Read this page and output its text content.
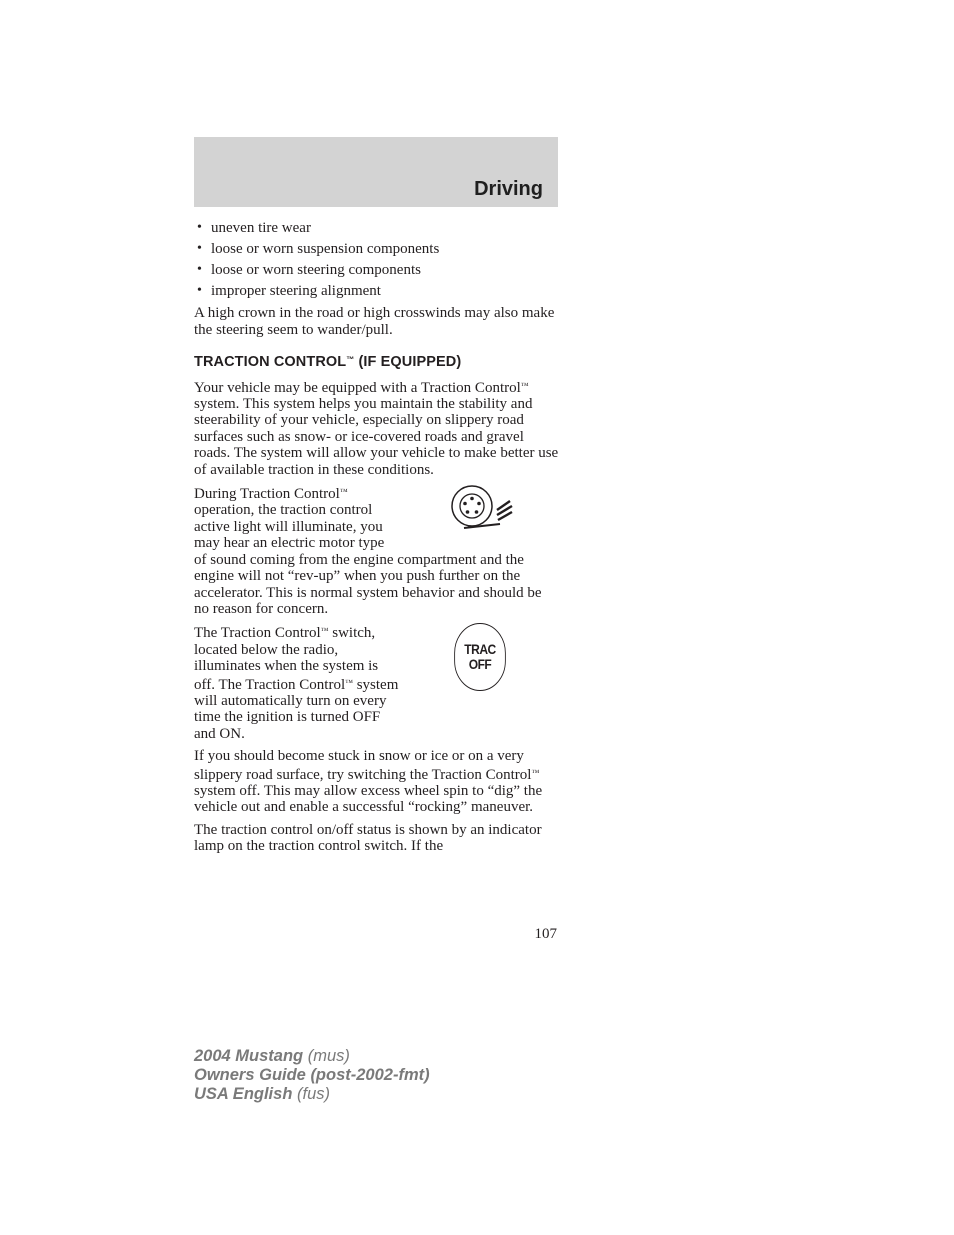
Driving
• uneven tire wear
• loose or worn suspension components
• loose or worn steering components
• improper steering alignment

A high crown in the road or high crosswinds may also make the steering seem to wander/pull.

TRACTION CONTROL™ (IF EQUIPPED)

Your vehicle may be equipped with a Traction Control™ system. This system helps you maintain the stability and steerability of your vehicle, especially on slippery road surfaces such as snow- or ice-covered roads and gravel roads. The system will allow your vehicle to make better use of available traction in these conditions.

During Traction Control™ operation, the traction control active light will illuminate, you may hear an electric motor type of sound coming from the engine compartment and the engine will not “rev-up” when you push further on the accelerator. This is normal system behavior and should be no reason for concern.

TRAC
OFF
The Traction Control™ switch, located below the radio, illuminates when the system is off. The Traction Control™ system will automatically turn on every time the ignition is turned OFF and ON.

If you should become stuck in snow or ice or on a very slippery road surface, try switching the Traction Control™ system off. This may allow excess wheel spin to “dig” the vehicle out and enable a successful “rocking” maneuver.

The traction control on/off status is shown by an indicator lamp on the traction control switch. If the

107
2004 Mustang (mus)
Owners Guide (post-2002-fmt)
USA English (fus)
